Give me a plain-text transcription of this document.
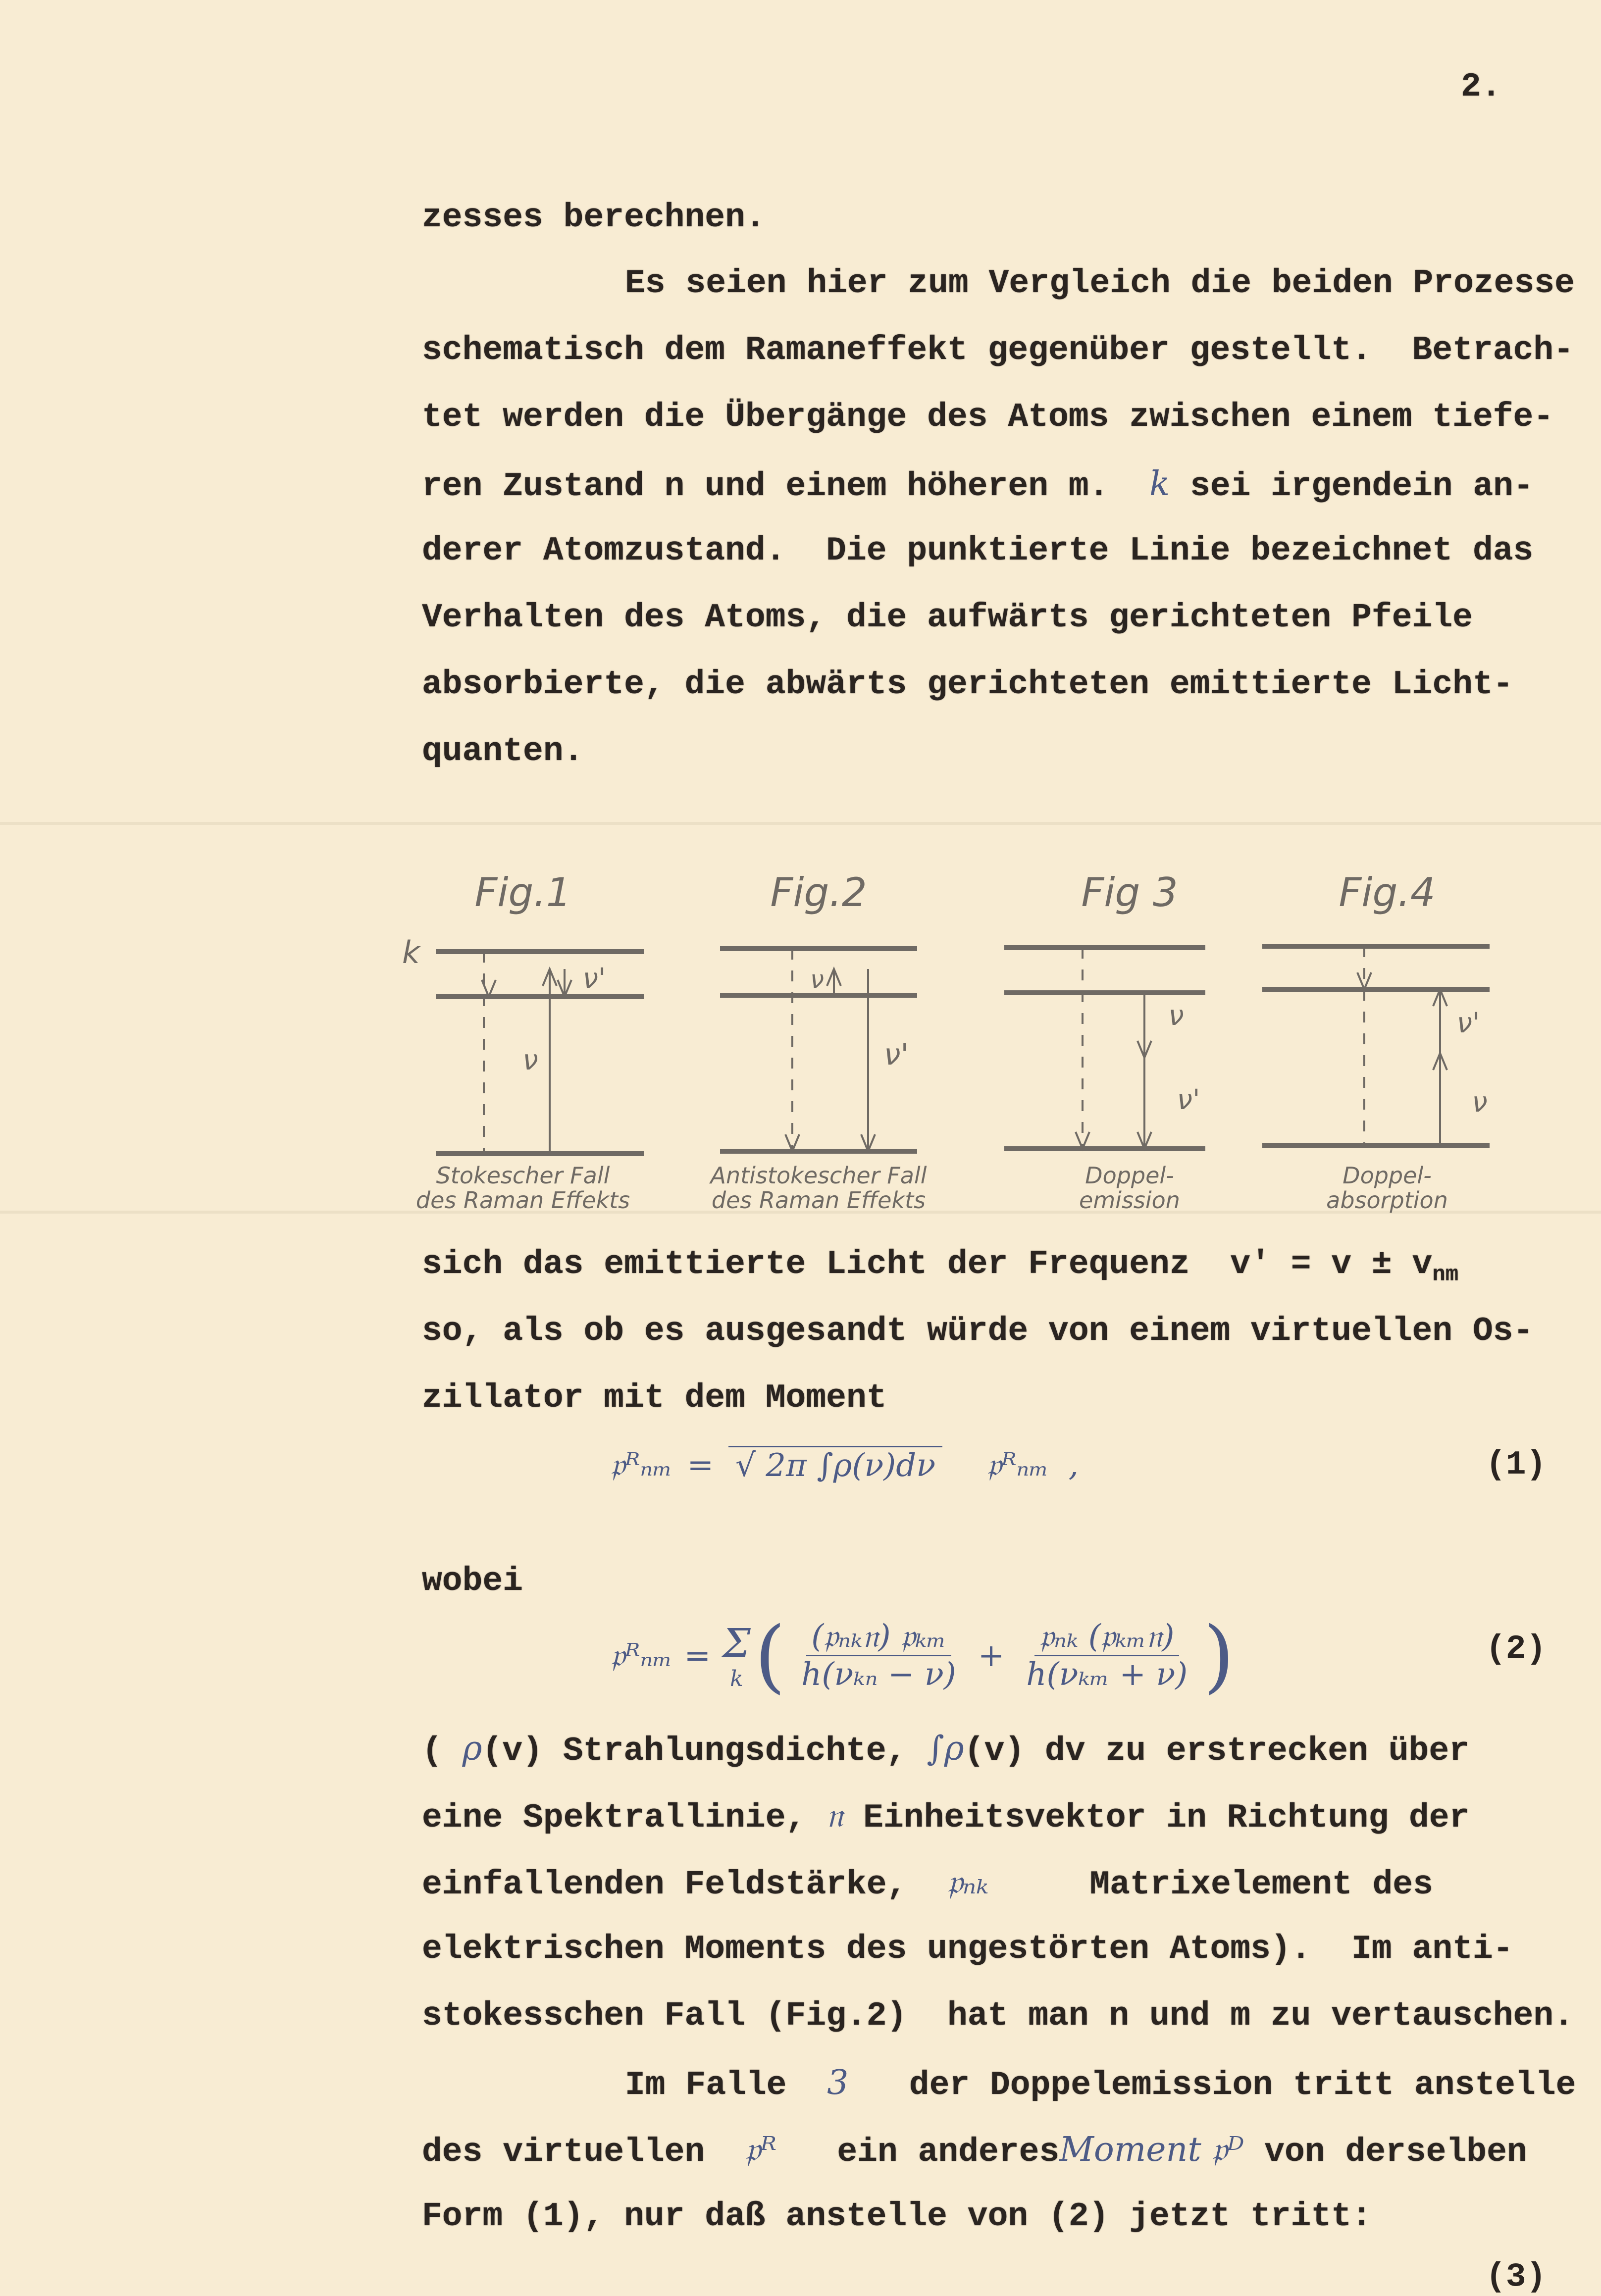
2.
zesses berechnen.
Es seien hier zum Vergleich die beiden Prozesse
schematisch dem Ramaneffekt gegenüber gestellt.  Betrach-
tet werden die Übergänge des Atoms zwischen einem tiefe-
ren Zustand n und einem höheren m.  k sei irgendein an-
derer Atomzustand.  Die punktierte Linie bezeichnet das
Verhalten des Atoms, die aufwärts gerichteten Pfeile
absorbierte, die abwärts gerichteten emittierte Licht-
quanten.
k
Fig.1
Stokescher Fall
des Raman Effekts
ν
ν'
Fig.2
Antistokescher Fall
des Raman Effekts
ν
ν'
Fig 3
Doppel-
emission
ν
ν'
Fig.4
Doppel-
absorption
ν'
ν
sich das emittierte Licht der Frequenz  $v' = v \pm v_{nm}$
so, als ob es ausgesandt würde von einem virtuellen Os-
zillator mit dem Moment
𝔭ᴿₙₘ = √ 2π ∫ρ(ν)dν 𝔭ᴿₙₘ ,	(1)
wobei
𝔭ᴿₙₘ = Σ
k ( $\frac{\text{(𝔭ₙₖ𝔫) 𝔭ₖₘ}}{\text{h(νₖₙ − ν)}} + \frac{\text{𝔭ₙₖ (𝔭ₖₘ𝔫)}}{\text{h(νₖₘ + ν)}}$ )	(2)
( ρ(v) Strahlungsdichte, ∫ρ(v) dv zu erstrecken über
eine Spektrallinie, 𝔫 Einheitsvektor in Richtung der
einfallenden Feldstärke,  𝔭ₙₖ     Matrixelement des
elektrischen Moments des ungestörten Atoms).  Im anti-
stokesschen Fall (Fig.2)  hat man n und m zu vertauschen.
Im Falle  3   der Doppelemission tritt anstelle
des virtuellen  𝔭ᴿ   ein anderesMoment 𝔭ᴰ von derselben
Form (1), nur daß anstelle von (2) jetzt tritt:
(3)
